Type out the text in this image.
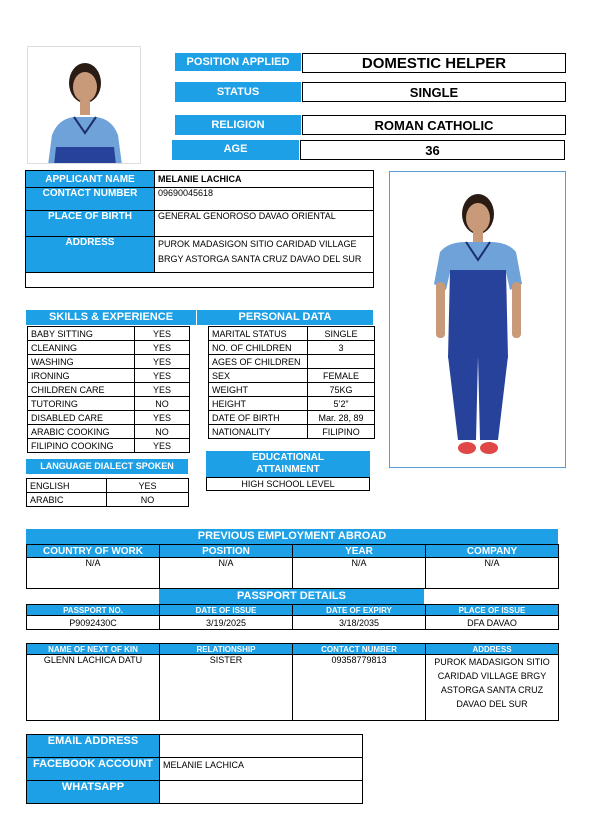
POSITION APPLIED	DOMESTIC HELPER
STATUS	SINGLE
RELIGION	ROMAN CATHOLIC
AGE	36
APPLICANT NAME	MELANIE LACHICA
CONTACT NUMBER	09690045618
PLACE OF BIRTH	GENERAL GENOROSO DAVAO ORIENTAL
ADDRESS	PUROK MADASIGON SITIO CARIDAD VILLAGE
BRGY ASTORGA SANTA CRUZ DAVAO DEL SUR

SKILLS & EXPERIENCE	PERSONAL DATA
BABY SITTING	YES
CLEANING	YES
WASHING	YES
IRONING	YES
CHILDREN CARE	YES
TUTORING	NO
DISABLED CARE	YES
ARABIC COOKING	NO
FILIPINO COOKING	YES
MARITAL STATUS	SINGLE
NO. OF CHILDREN	3
AGES OF CHILDREN	
SEX	FEMALE
WEIGHT	75KG
HEIGHT	5’2”
DATE OF BIRTH	Mar. 28, 89
NATIONALITY	FILIPINO
LANGUAGE DIALECT SPOKEN
ENGLISH	YES
ARABIC	NO
EDUCATIONAL
ATTAINMENT
HIGH SCHOOL LEVEL
PREVIOUS EMPLOYMENT ABROAD
COUNTRY OF WORK	POSITION	YEAR	COMPANY
N/A	N/A	N/A	N/A
PASSPORT DETAILS
PASSPORT NO.	DATE OF ISSUE	DATE OF EXPIRY	PLACE OF ISSUE
P9092430C	3/19/2025	3/18/2035	DFA DAVAO
NAME OF NEXT OF KIN	RELATIONSHIP	CONTACT NUMBER	ADDRESS
GLENN LACHICA DATU	SISTER	09358779813	PUROK MADASIGON SITIO
CARIDAD VILLAGE BRGY
ASTORGA SANTA CRUZ
DAVAO DEL SUR
EMAIL ADDRESS	
FACEBOOK ACCOUNT	MELANIE LACHICA
WHATSAPP	
